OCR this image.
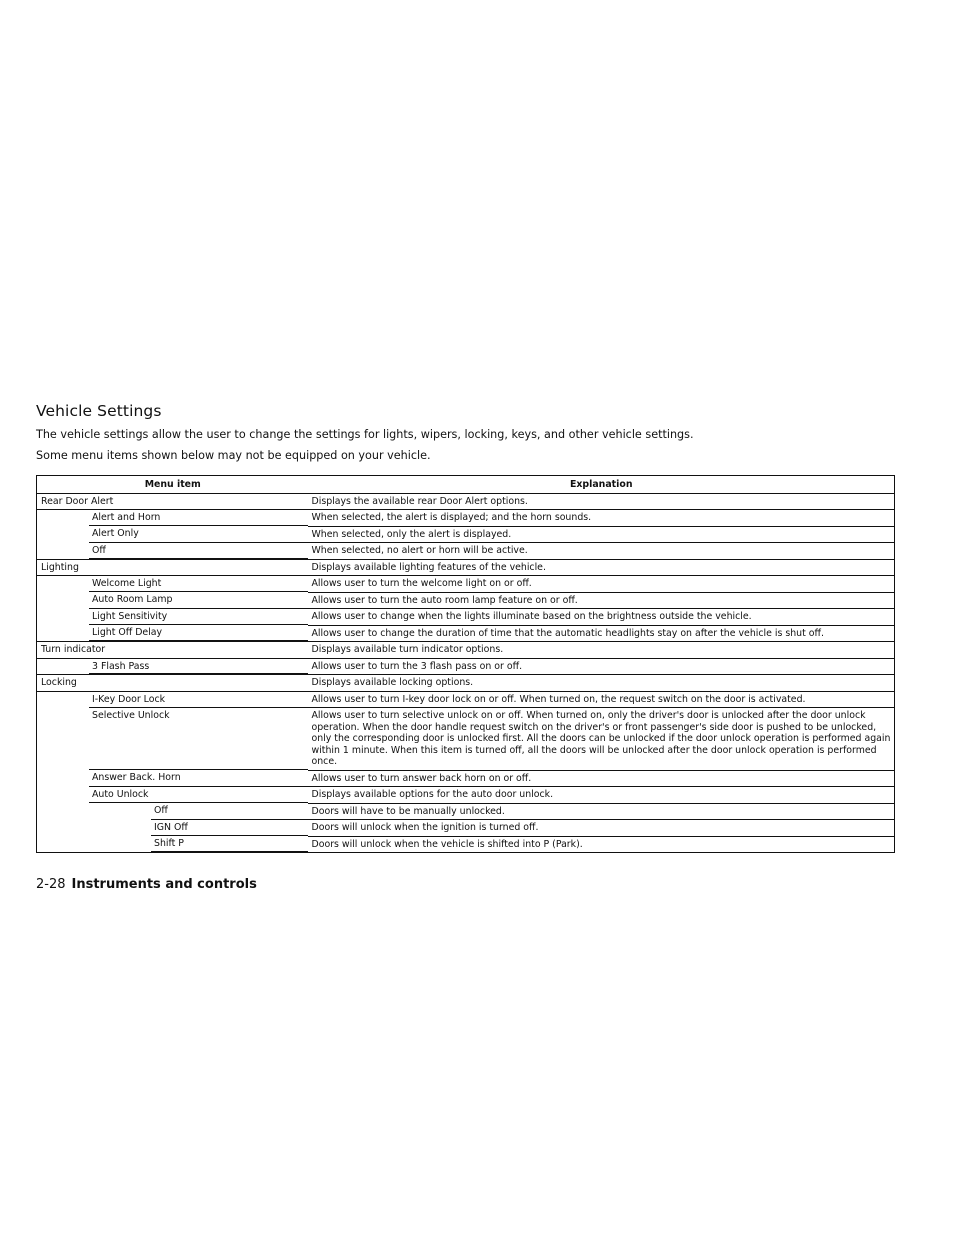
Vehicle Settings
The vehicle settings allow the user to change the settings for lights, wipers, locking, keys, and other vehicle settings.
Some menu items shown below may not be equipped on your vehicle.
Menu item	Explanation
Rear Door Alert	Displays the available rear Door Alert options.
Alert and Horn	When selected, the alert is displayed; and the horn sounds.
Alert Only	When selected, only the alert is displayed.
Off	When selected, no alert or horn will be active.
Lighting	Displays available lighting features of the vehicle.
Welcome Light	Allows user to turn the welcome light on or off.
Auto Room Lamp	Allows user to turn the auto room lamp feature on or off.
Light Sensitivity	Allows user to change when the lights illuminate based on the brightness outside the vehicle.
Light Off Delay	Allows user to change the duration of time that the automatic headlights stay on after the vehicle is shut off.
Turn indicator	Displays available turn indicator options.
3 Flash Pass	Allows user to turn the 3 flash pass on or off.
Locking	Displays available locking options.
I-Key Door Lock	Allows user to turn I-key door lock on or off. When turned on, the request switch on the door is activated.
Selective Unlock	Allows user to turn selective unlock on or off. When turned on, only the driver's door is unlocked after the door unlock operation. When the door handle request switch on the driver's or front passenger's side door is pushed to be unlocked, only the corresponding door is unlocked first. All the doors can be unlocked if the door unlock operation is performed again within 1 minute. When this item is turned off, all the doors will be unlocked after the door unlock operation is performed once.
Answer Back. Horn	Allows user to turn answer back horn on or off.
Auto Unlock	Displays available options for the auto door unlock.
Off	Doors will have to be manually unlocked.
IGN Off	Doors will unlock when the ignition is turned off.
Shift P	Doors will unlock when the vehicle is shifted into P (Park).
2-28 Instruments and controls
